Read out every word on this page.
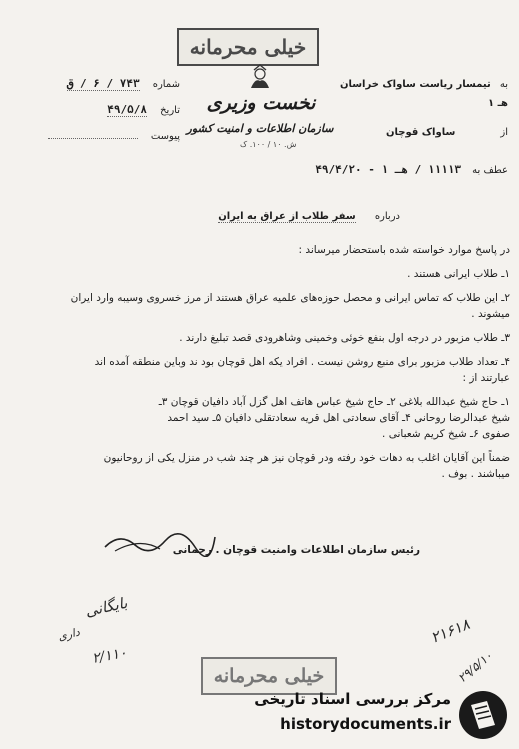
خیلی محرمانه
نخست وزیری
سازمان اطلاعات و امنیت کشور
ش. ۱۰ / ۱۰۰. ک
شماره ۷۴۳ / ۶ / ق
تاریخ ۴۹/۵/۸
پیوست
به تیمسار ریاست ساواک خراسان هـ ۱
از ساواک قوچان
عطف به ۱۱۱۱۳ / هـ ۱ - ۴۹/۴/۲۰
درباره سفر طلاب از عراق به ایران
در پاسخ موارد خواسته شده باستحضار میرساند :
۱ـ طلاب ایرانی هستند .
۲ـ این طلاب که تماس ایرانی و محصل حوزه‌های علمیه عراق هستند از مرز خسروی وسیبه وارد ایران
میشوند .
۳ـ طلاب مزبور در درجه اول بنفع خوئی وخمینی وشاهرودی قصد تبلیغ دارند .
۴ـ تعداد طلاب مزبور برای منبع روشن نیست . افراد یکه اهل قوچان بود ند وباین منطقه آمده اند
عبارتند از :
۱ـ حاج شیخ عبدالله بلاغی ۲ـ حاج شیخ عباس هاتف اهل گزل آباد دافیان قوچان ۳ـ
شیخ عبدالرضا روحانی ۴ـ آقای سعادتی اهل قریه سعادتقلی دافیان ۵ـ سید احمد
صفوی ۶ـ شیخ کریم شعبانی .
ضمناً این آقایان اغلب به دهات خود رفته ودر قوچان نیز هر چند شب در منزل یکی از روحانیون
میباشند . بوف .
رئیس سازمان اطلاعات وامنیت قوچان . رحمانی
بایگانی
داری
۲/۱۱۰
۲۱۶۱۸
۲۹/۵/۱۰
خیلی محرمانه
مرکز بررسی اسناد تاریخی
historydocuments.ir
